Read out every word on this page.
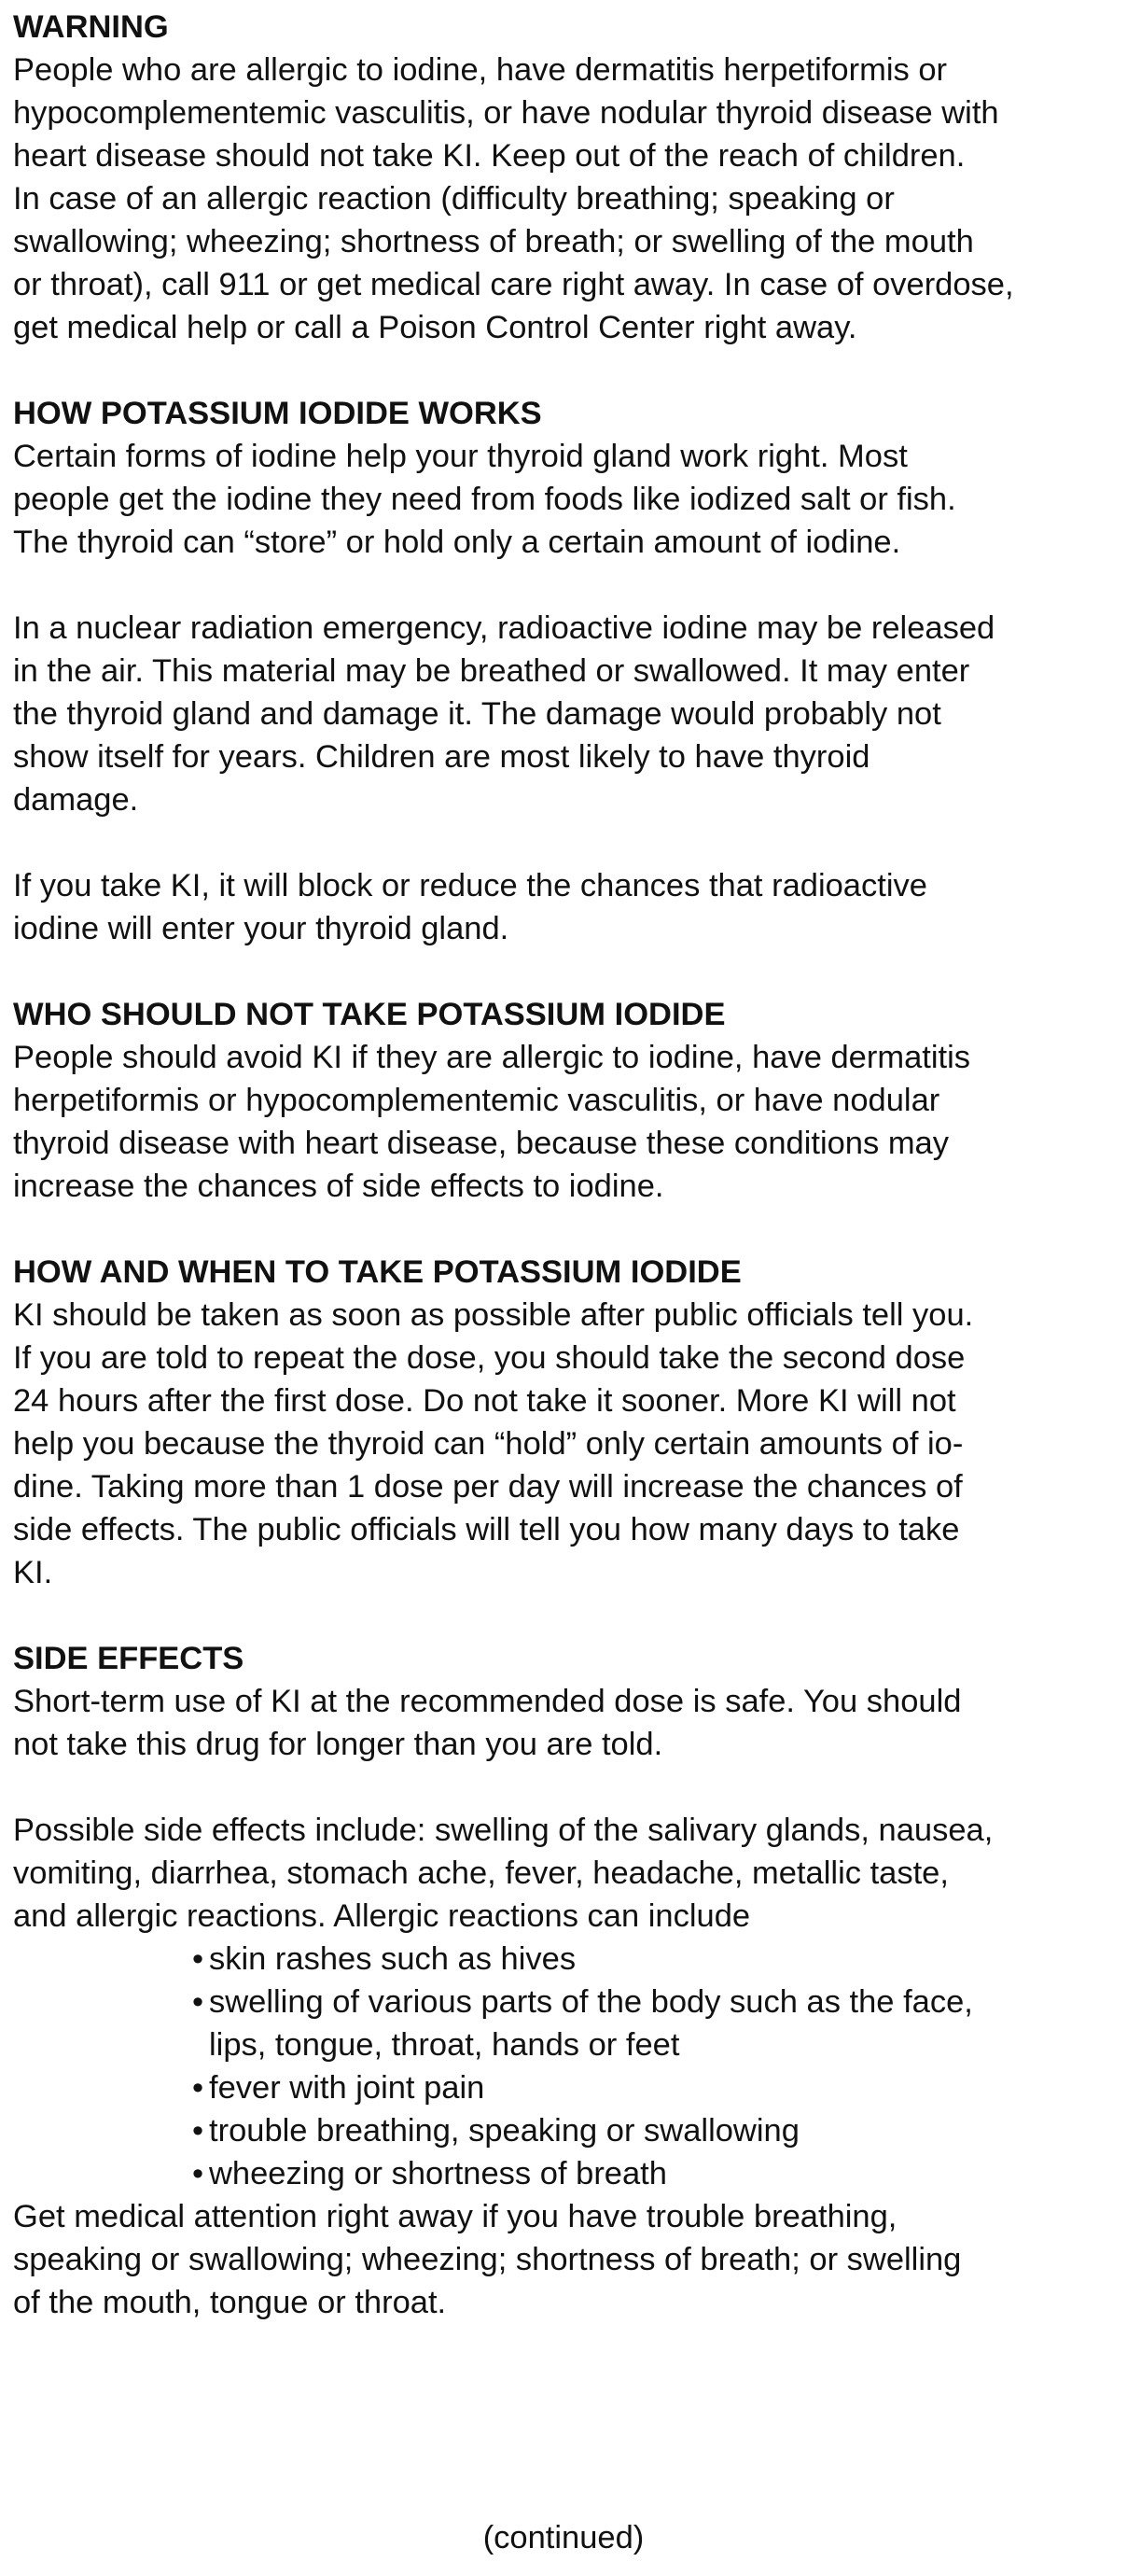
WARNING

People who are allergic to iodine, have dermatitis herpetiformis or
hypocomplementemic vasculitis, or have nodular thyroid disease with
heart disease should not take KI. Keep out of the reach of children.
In case of an allergic reaction (difficulty breathing; speaking or
swallowing; wheezing; shortness of breath; or swelling of the mouth
or throat), call 911 or get medical care right away. In case of overdose,
get medical help or call a Poison Control Center right away.

HOW POTASSIUM IODIDE WORKS

Certain forms of iodine help your thyroid gland work right. Most
people get the iodine they need from foods like iodized salt or fish.
The thyroid can “store” or hold only a certain amount of iodine.

In a nuclear radiation emergency, radioactive iodine may be released
in the air. This material may be breathed or swallowed. It may enter
the thyroid gland and damage it. The damage would probably not
show itself for years. Children are most likely to have thyroid
damage.

If you take KI, it will block or reduce the chances that radioactive
iodine will enter your thyroid gland.

WHO SHOULD NOT TAKE POTASSIUM IODIDE

People should avoid KI if they are allergic to iodine, have dermatitis
herpetiformis or hypocomplementemic vasculitis, or have nodular
thyroid disease with heart disease, because these conditions may
increase the chances of side effects to iodine.

HOW AND WHEN TO TAKE POTASSIUM IODIDE

KI should be taken as soon as possible after public officials tell you.
If you are told to repeat the dose, you should take the second dose
24 hours after the first dose. Do not take it sooner. More KI will not
help you because the thyroid can “hold” only certain amounts of io-
dine. Taking more than 1 dose per day will increase the chances of
side effects. The public officials will tell you how many days to take
KI.

SIDE EFFECTS

Short-term use of KI at the recommended dose is safe. You should
not take this drug for longer than you are told.

Possible side effects include: swelling of the salivary glands, nausea,
vomiting, diarrhea, stomach ache, fever, headache, metallic taste,
and allergic reactions. Allergic reactions can include

• skin rashes such as hives
• swelling of various parts of the body such as the face,
lips, tongue, throat, hands or feet
• fever with joint pain
• trouble breathing, speaking or swallowing
• wheezing or shortness of breath

Get medical attention right away if you have trouble breathing,
speaking or swallowing; wheezing; shortness of breath; or swelling
of the mouth, tongue or throat.

(continued)
